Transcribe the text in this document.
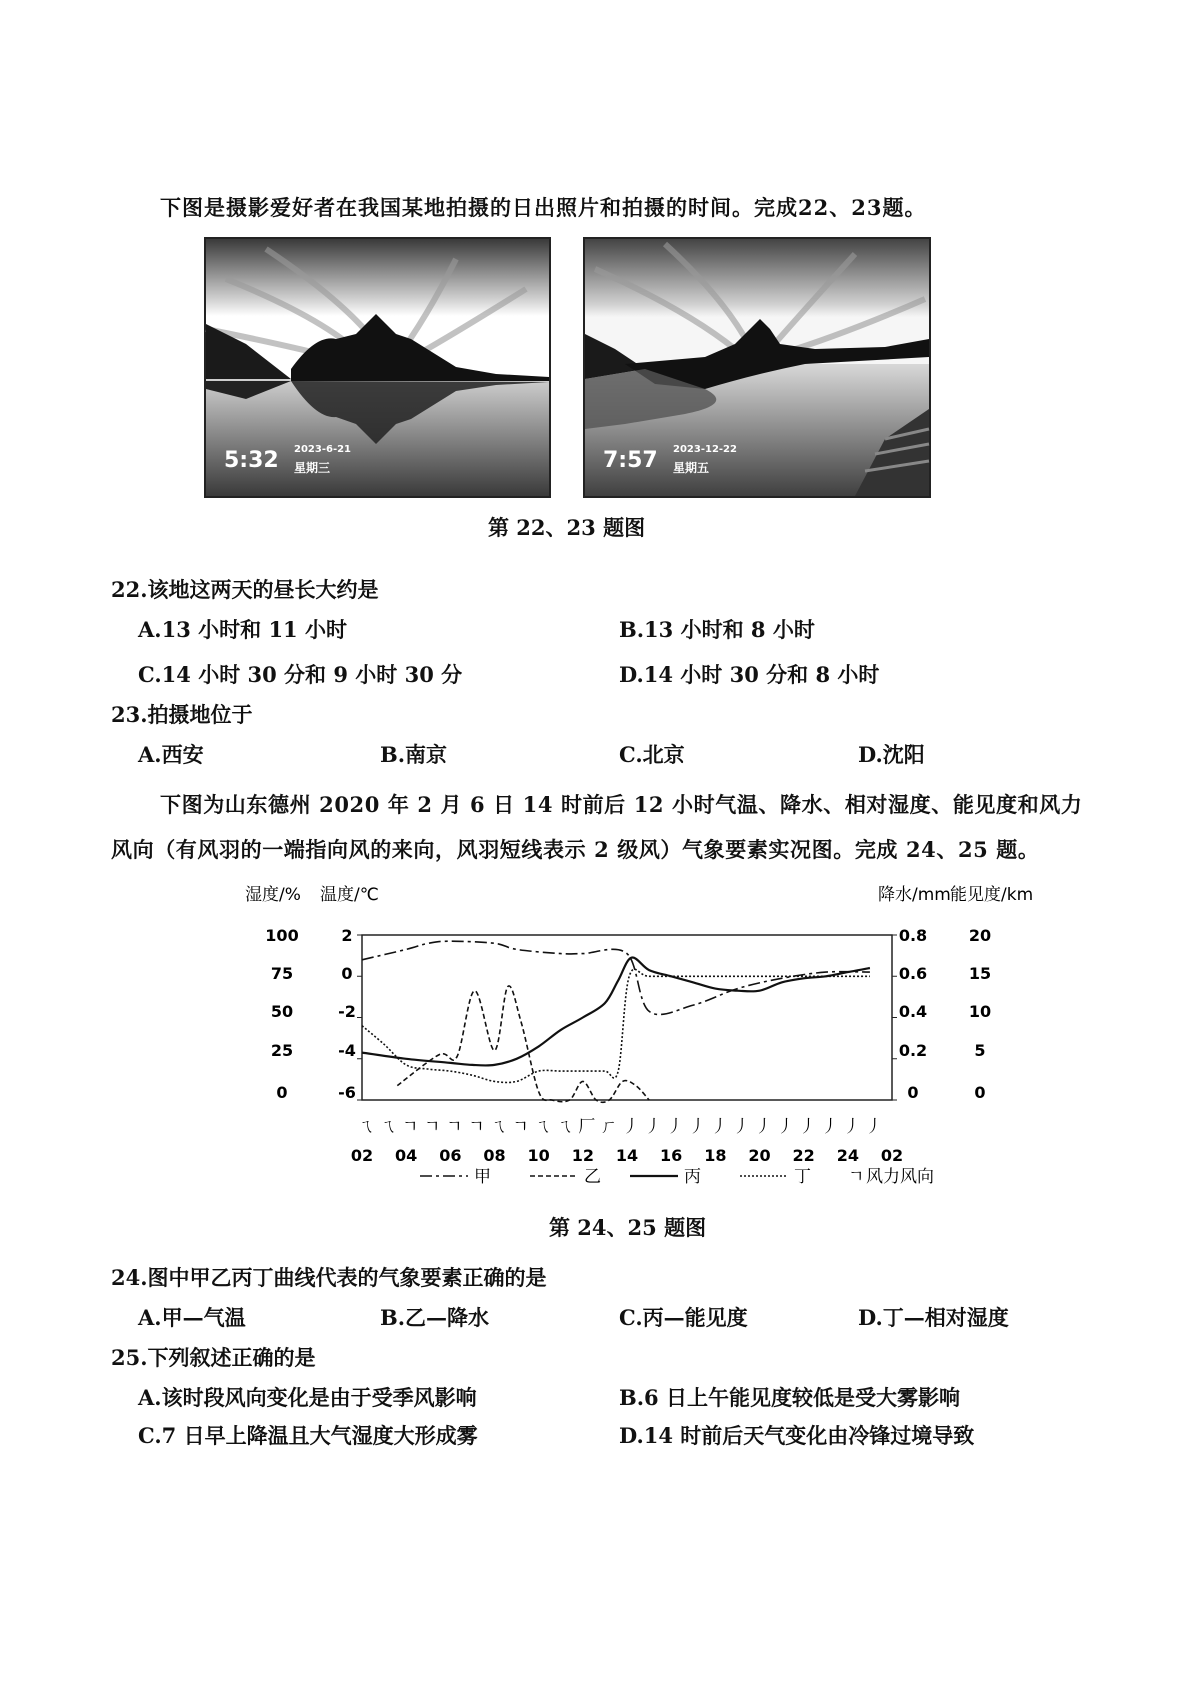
下图是摄影爱好者在我国某地拍摄的日出照片和拍摄的时间。完成22、23题。
5:32 2023-6-21
星期三	7:57 2023-12-22
星期五
第 22、23 题图
22.该地这两天的昼长大约是
A.13 小时和 11 小时	B.13 小时和 8 小时
C.14 小时 30 分和 9 小时 30 分	D.14 小时 30 分和 8 小时
23.拍摄地位于
A.西安	B.南京	C.北京	D.沈阳
下图为山东德州 2020 年 2 月 6 日 14 时前后 12 小时气温、降水、相对湿度、能见度和风力
风向（有风羽的一端指向风的来向，风羽短线表示 2 级风）气象要素实况图。完成 24、25 题。
湿度/% 温度/℃	降水/mm 能见度/km
100
75
50
25
0
2
0
-2
-4
-6
0.8
0.6
0.4
0.2
0
20
15
10
5
0
ㄟ ㄟ ㄱ ㄱ ㄱ ㄱ ㄟ ㄱ ㄟ ㄟ 厂 ㄏ 丿 丿 丿 丿 丿 丿 丿 丿 丿 丿 丿 丿
02 04 06 08 10 12 14 16 18 20 22 24 02
甲	乙	丙	丁 ㄱ 风力风向
第 24、25 题图
24.图中甲乙丙丁曲线代表的气象要素正确的是
A.甲—气温	B.乙—降水	C.丙—能见度	D.丁—相对湿度
25.下列叙述正确的是
A.该时段风向变化是由于受季风影响	B.6 日上午能见度较低是受大雾影响
C.7 日早上降温且大气湿度大形成雾	D.14 时前后天气变化由冷锋过境导致
